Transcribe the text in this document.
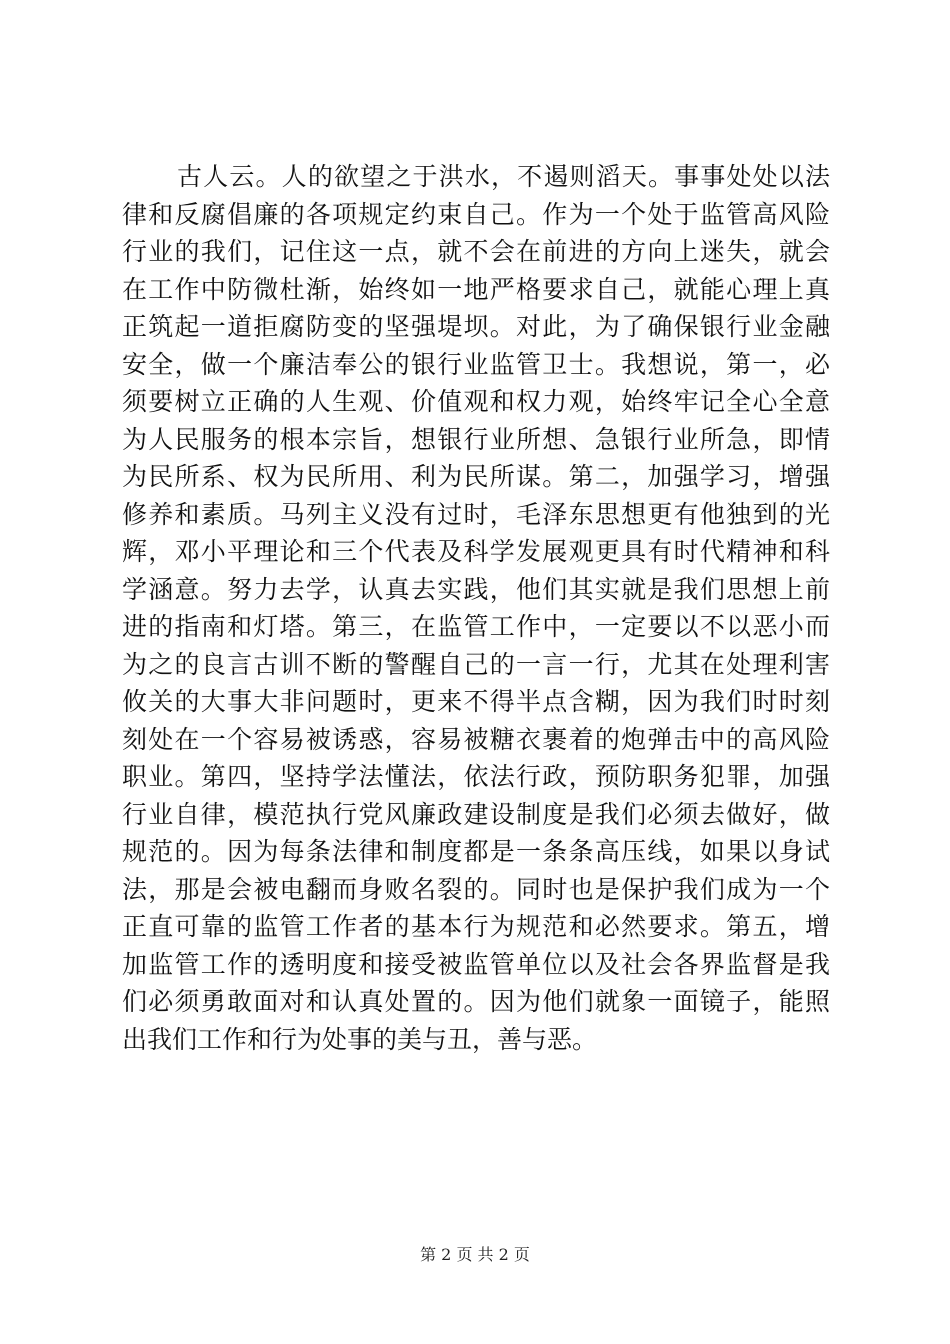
古人云。人的欲望之于洪水，不遏则滔天。事事处处以法
律和反腐倡廉的各项规定约束自己。作为一个处于监管高风险
行业的我们，记住这一点，就不会在前进的方向上迷失，就会
在工作中防微杜渐，始终如一地严格要求自己，就能心理上真
正筑起一道拒腐防变的坚强堤坝。对此，为了确保银行业金融
安全，做一个廉洁奉公的银行业监管卫士。我想说，第一，必
须要树立正确的人生观、价值观和权力观，始终牢记全心全意
为人民服务的根本宗旨，想银行业所想、急银行业所急，即情
为民所系、权为民所用、利为民所谋。第二，加强学习，增强
修养和素质。马列主义没有过时，毛泽东思想更有他独到的光
辉，邓小平理论和三个代表及科学发展观更具有时代精神和科
学涵意。努力去学，认真去实践，他们其实就是我们思想上前
进的指南和灯塔。第三，在监管工作中，一定要以不以恶小而
为之的良言古训不断的警醒自己的一言一行，尤其在处理利害
攸关的大事大非问题时，更来不得半点含糊，因为我们时时刻
刻处在一个容易被诱惑，容易被糖衣裹着的炮弹击中的高风险
职业。第四，坚持学法懂法，依法行政，预防职务犯罪，加强
行业自律，模范执行党风廉政建设制度是我们必须去做好，做
规范的。因为每条法律和制度都是一条条高压线，如果以身试
法，那是会被电翻而身败名裂的。同时也是保护我们成为一个
正直可靠的监管工作者的基本行为规范和必然要求。第五，增
加监管工作的透明度和接受被监管单位以及社会各界监督是我
们必须勇敢面对和认真处置的。因为他们就象一面镜子，能照
出我们工作和行为处事的美与丑，善与恶。
第 2 页 共 2 页
